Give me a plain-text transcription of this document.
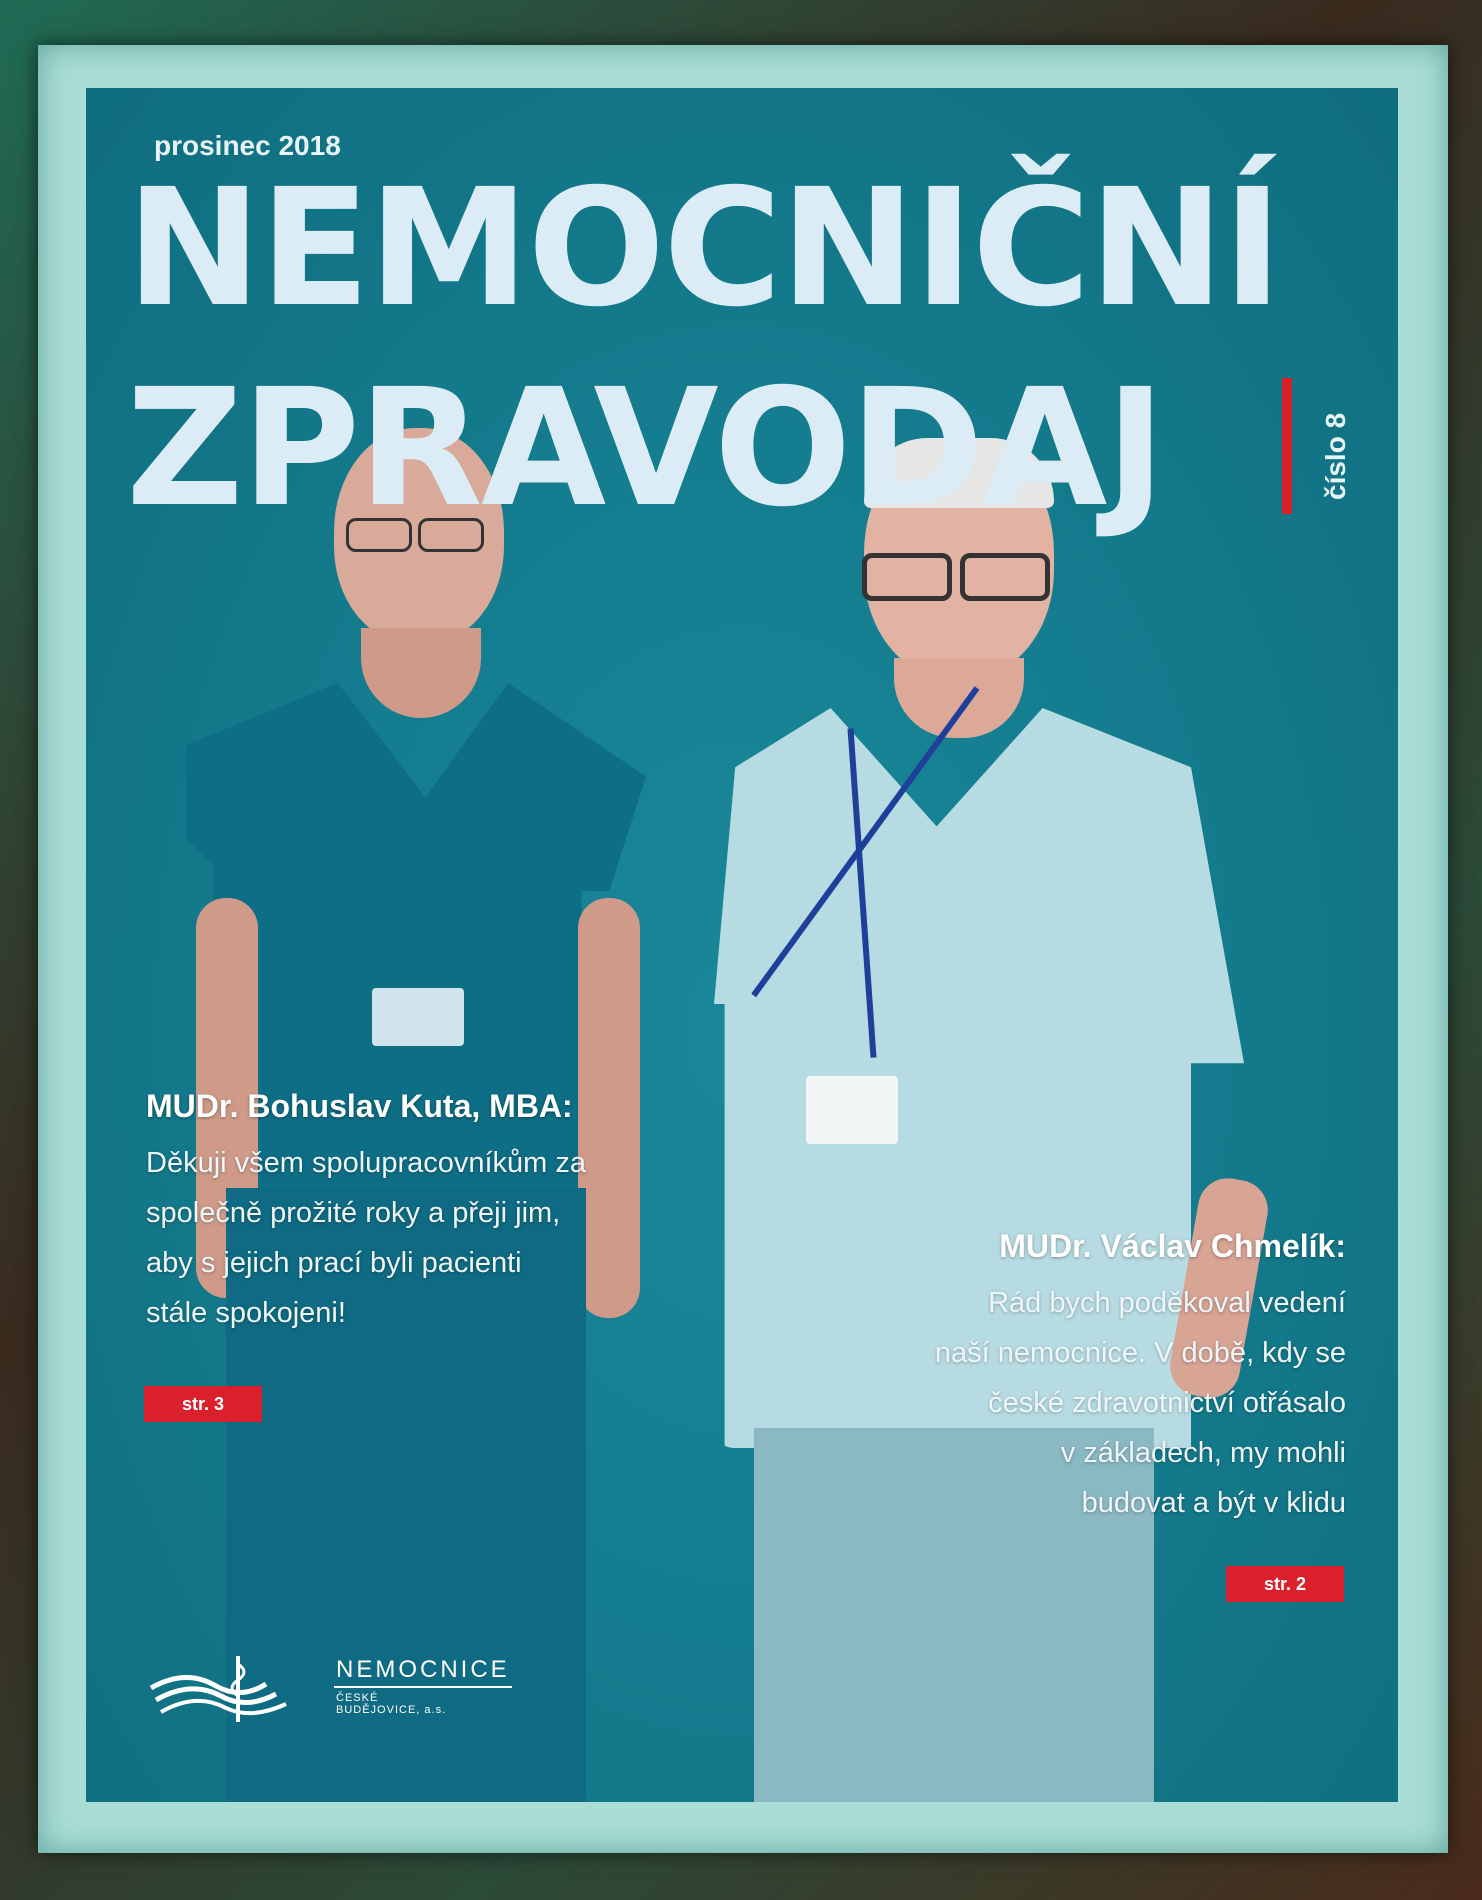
prosinec 2018
NEMOCNIČNÍ
ZPRAVODAJ	číslo 8
MUDr. Bohuslav Kuta, MBA:
Děkuji všem spolupracovníkům za
společně prožité roky a přeji jim,
aby s jejich prací byli pacienti
stále spokojeni!
str. 3
MUDr. Václav Chmelík:
Rád bych poděkoval vedení
naší nemocnice. V době, kdy se
české zdravotnictví otřásalo
v základech, my mohli
budovat a být v klidu
str. 2
NEMOCNICE
ČESKÉ BUDĚJOVICE, a.s.
